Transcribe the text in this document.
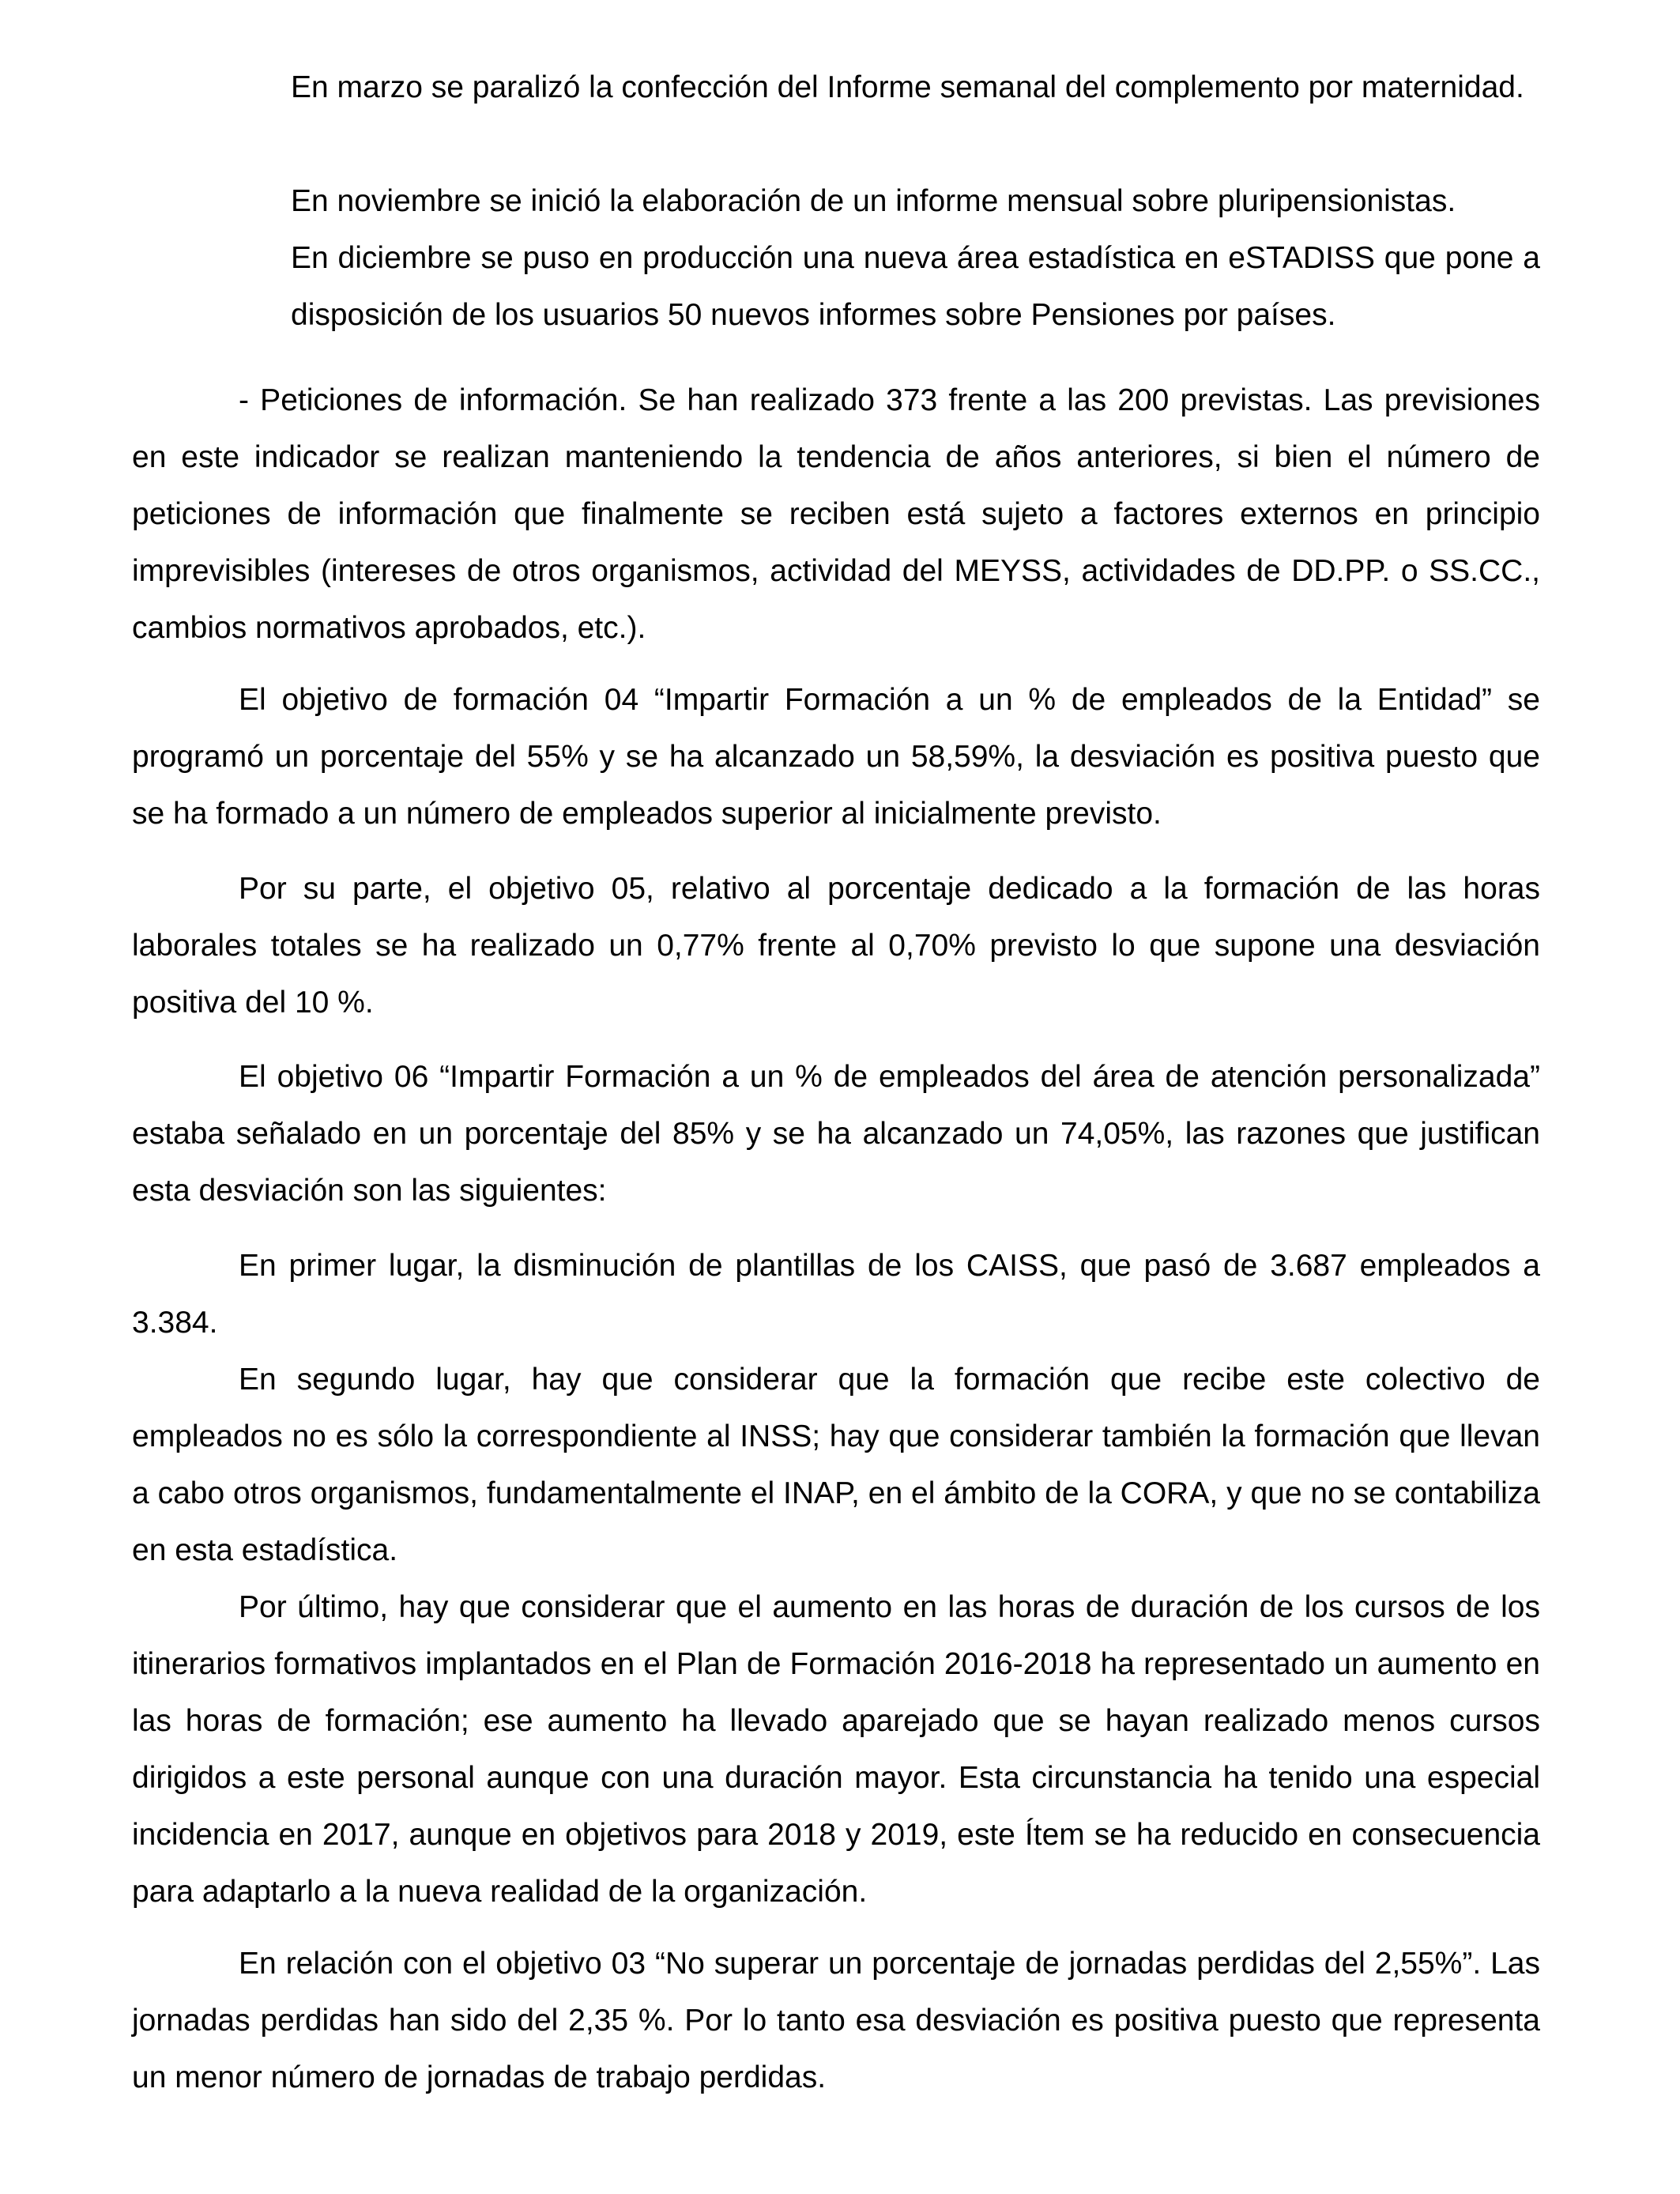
En marzo se paralizó la confección del Informe semanal del complemento por maternidad.

En noviembre se inició la elaboración de un informe mensual sobre pluripensionistas.

En diciembre se puso en producción una nueva área estadística en eSTADISS que pone a disposición de los usuarios 50 nuevos informes sobre Pensiones por países.

- Peticiones de información. Se han realizado 373 frente a las 200 previstas. Las previsiones en este indicador se realizan manteniendo la tendencia de años anteriores, si bien el número de peticiones de información que finalmente se reciben está sujeto a factores externos en principio imprevisibles (intereses de otros organismos, actividad del MEYSS, actividades de DD.PP. o SS.CC., cambios normativos aprobados, etc.).

El objetivo de formación 04 “Impartir Formación a un % de empleados de la Entidad” se programó un porcentaje del 55% y se ha alcanzado un 58,59%, la desviación es positiva puesto que se ha formado a un número de empleados superior al inicialmente previsto.

Por su parte, el objetivo 05, relativo al porcentaje dedicado a la formación de las horas laborales totales se ha realizado un 0,77% frente al 0,70% previsto lo que supone una desviación positiva del 10 %.

El objetivo 06 “Impartir Formación a un % de empleados del área de atención personalizada” estaba señalado en un porcentaje del 85% y se ha alcanzado un 74,05%, las razones que justifican esta desviación son las siguientes:

En primer lugar, la disminución de plantillas de los CAISS, que pasó de 3.687 empleados a 3.384.

En segundo lugar, hay que considerar que la formación que recibe este colectivo de empleados no es sólo la correspondiente al INSS; hay que considerar también la formación que llevan a cabo otros organismos, fundamentalmente el INAP, en el ámbito de la CORA, y que no se contabiliza en esta estadística.

Por último, hay que considerar que el aumento en las horas de duración de los cursos de los itinerarios formativos implantados en el Plan de Formación 2016-2018 ha representado un aumento en las horas de formación; ese aumento ha llevado aparejado que se hayan realizado menos cursos dirigidos a este personal aunque con una duración mayor. Esta circunstancia ha tenido una especial incidencia en 2017, aunque en objetivos para 2018 y 2019, este Ítem se ha reducido en consecuencia para adaptarlo a la nueva realidad de la organización.

En relación con el objetivo 03 “No superar un porcentaje de jornadas perdidas del 2,55%”. Las jornadas perdidas han sido del 2,35 %. Por lo tanto esa desviación es positiva puesto que representa un menor número de jornadas de trabajo perdidas.
